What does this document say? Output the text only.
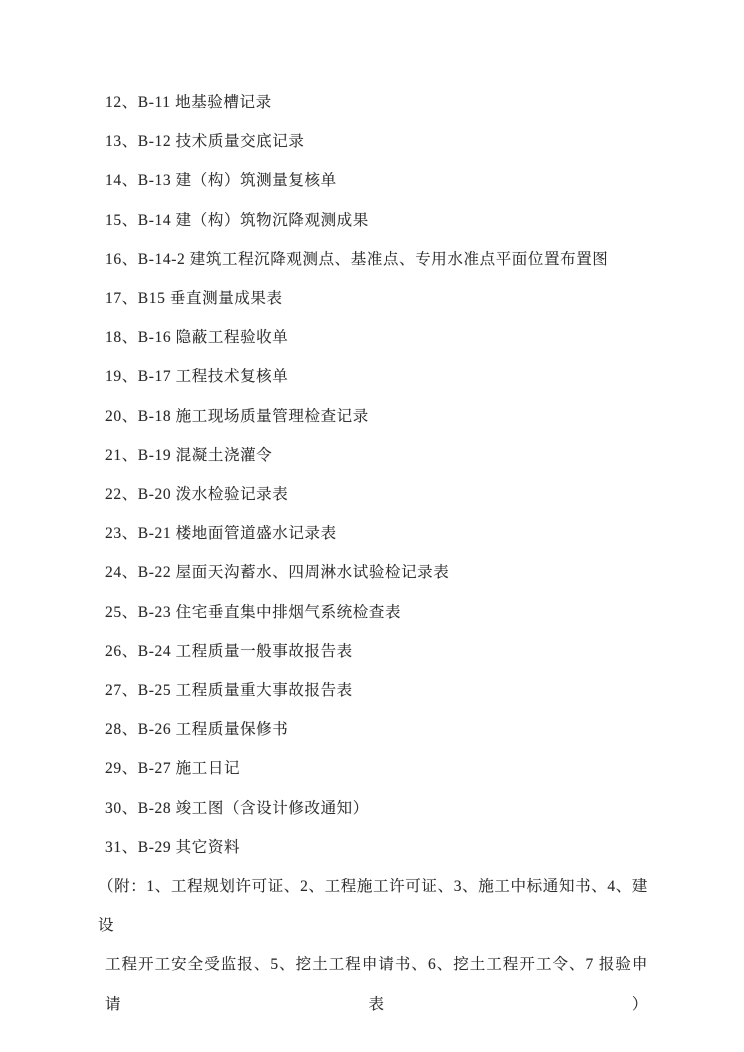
12、B-11 地基验槽记录
13、B-12 技术质量交底记录
14、B-13 建（构）筑测量复核单
15、B-14 建（构）筑物沉降观测成果
16、B-14-2 建筑工程沉降观测点、基准点、专用水准点平面位置布置图
17、B15 垂直测量成果表
18、B-16 隐蔽工程验收单
19、B-17 工程技术复核单
20、B-18 施工现场质量管理检查记录
21、B-19 混凝土浇灌令
22、B-20 泼水检验记录表
23、B-21 楼地面管道盛水记录表
24、B-22 屋面天沟蓄水、四周淋水试验检记录表
25、B-23 住宅垂直集中排烟气系统检查表
26、B-24 工程质量一般事故报告表
27、B-25 工程质量重大事故报告表
28、B-26 工程质量保修书
29、B-27 施工日记
30、B-28 竣工图（含设计修改通知）
31、B-29 其它资料
（附：1、工程规划许可证、2、工程施工许可证、3、施工中标通知书、4、建设
工程开工安全受监报、5、挖土工程申请书、6、挖土工程开工令、7 报验申请表）
